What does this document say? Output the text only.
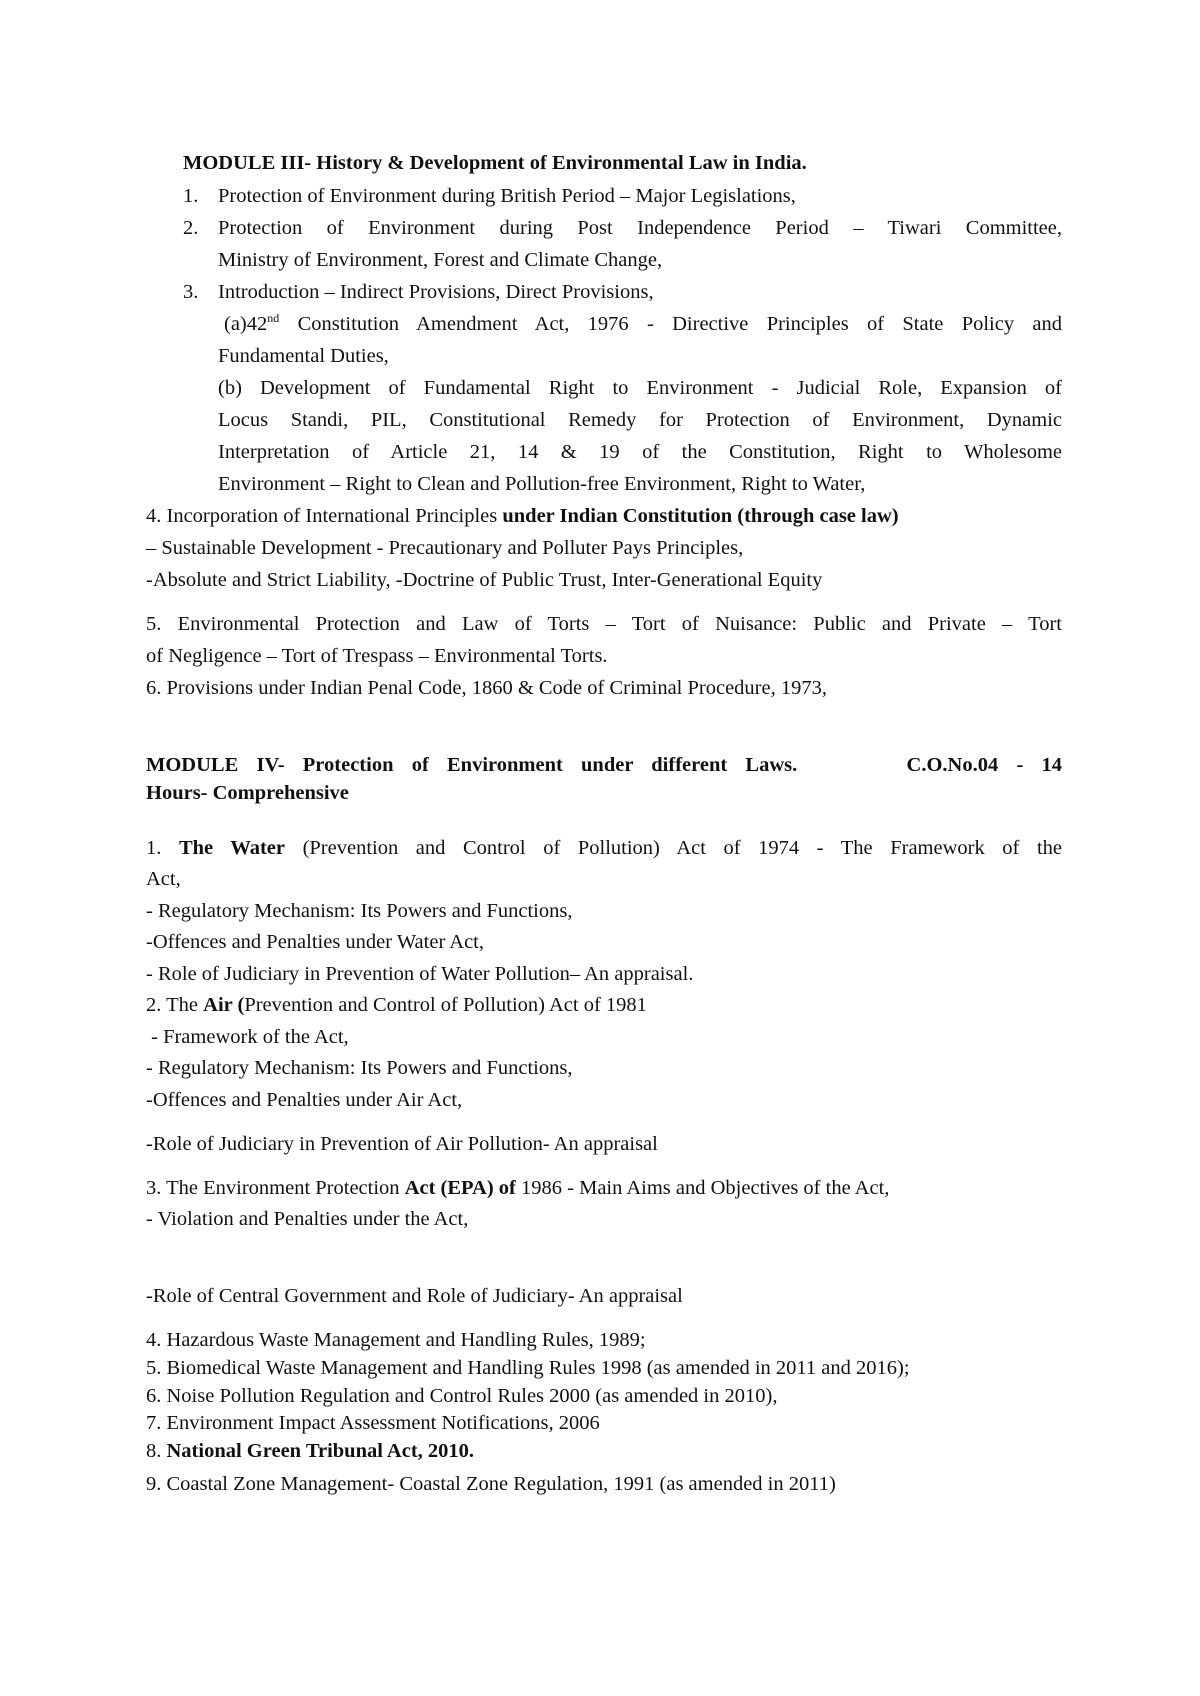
MODULE III- History & Development of Environmental Law in India.
1. Protection of Environment during British Period – Major Legislations,
2. Protection of Environment during Post Independence Period – Tiwari Committee,
Ministry of Environment, Forest and Climate Change,
3. Introduction – Indirect Provisions, Direct Provisions,
(a)42nd Constitution Amendment Act, 1976 - Directive Principles of State Policy and
Fundamental Duties,
(b) Development of Fundamental Right to Environment - Judicial Role, Expansion of
Locus Standi, PIL, Constitutional Remedy for Protection of Environment, Dynamic
Interpretation of Article 21, 14 & 19 of the Constitution, Right to Wholesome
Environment – Right to Clean and Pollution-free Environment, Right to Water,
4. Incorporation of International Principles under Indian Constitution (through case law)
– Sustainable Development - Precautionary and Polluter Pays Principles,
-Absolute and Strict Liability, -Doctrine of Public Trust, Inter-Generational Equity
5. Environmental Protection and Law of Torts – Tort of Nuisance: Public and Private – Tort
of Negligence – Tort of Trespass – Environmental Torts.
6. Provisions under Indian Penal Code, 1860 & Code of Criminal Procedure, 1973,
MODULE IV- Protection of Environment under different Laws.      C.O.No.04 - 14
Hours- Comprehensive
1. The Water (Prevention and Control of Pollution) Act of 1974 - The Framework of the
Act,
- Regulatory Mechanism: Its Powers and Functions,
-Offences and Penalties under Water Act,
- Role of Judiciary in Prevention of Water Pollution– An appraisal.
2. The Air (Prevention and Control of Pollution) Act of 1981
- Framework of the Act,
- Regulatory Mechanism: Its Powers and Functions,
-Offences and Penalties under Air Act,
-Role of Judiciary in Prevention of Air Pollution- An appraisal
3. The Environment Protection Act (EPA) of 1986 - Main Aims and Objectives of the Act,
- Violation and Penalties under the Act,
-Role of Central Government and Role of Judiciary- An appraisal
4. Hazardous Waste Management and Handling Rules, 1989;
5. Biomedical Waste Management and Handling Rules 1998 (as amended in 2011 and 2016);
6. Noise Pollution Regulation and Control Rules 2000 (as amended in 2010),
7. Environment Impact Assessment Notifications, 2006
8. National Green Tribunal Act, 2010.
9. Coastal Zone Management- Coastal Zone Regulation, 1991 (as amended in 2011)
